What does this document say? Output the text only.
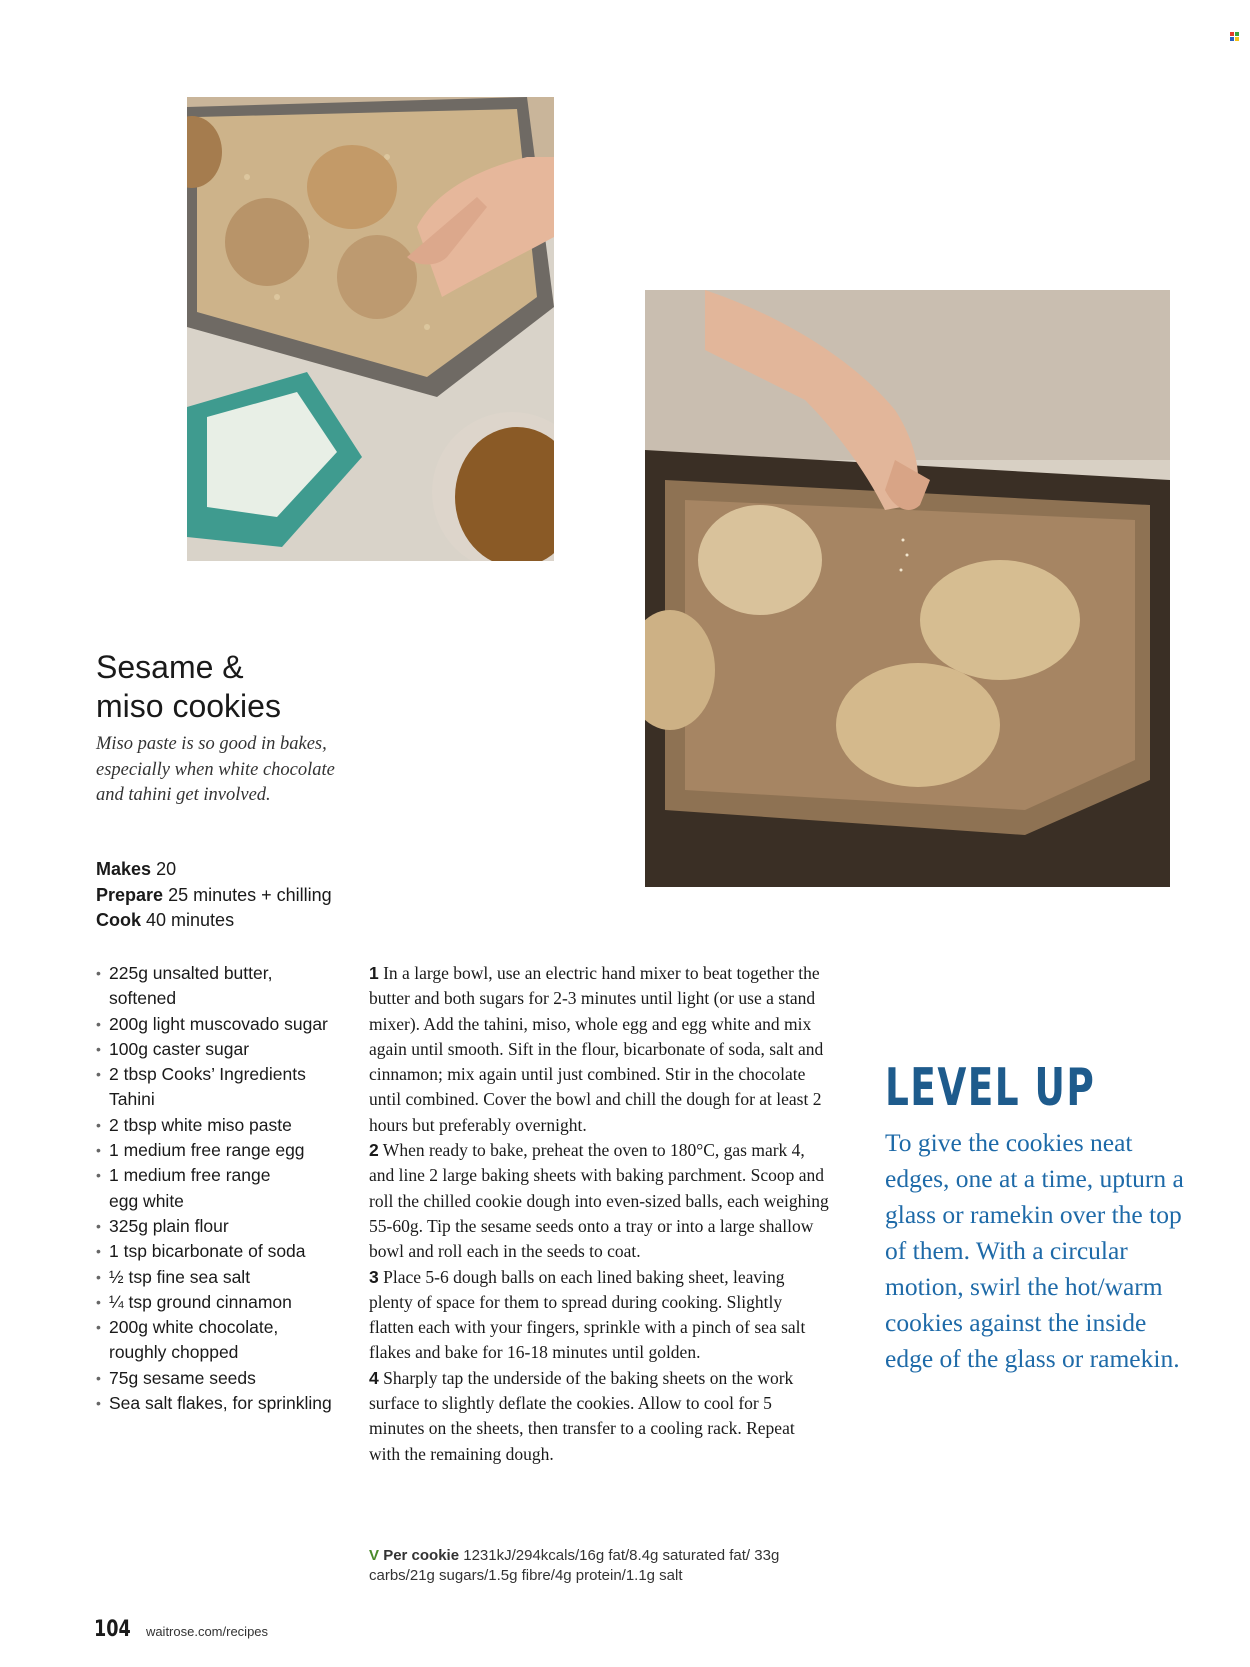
Sesame &
miso cookies

Miso paste is so good in bakes, especially when white chocolate and tahini get involved.

Makes 20
Prepare 25 minutes + chilling
Cook 40 minutes
• 225g unsalted butter,
softened
• 200g light muscovado sugar
• 100g caster sugar
• 2 tbsp Cooks’ Ingredients
Tahini
• 2 tbsp white miso paste
• 1 medium free range egg
• 1 medium free range
egg white
• 325g plain flour
• 1 tsp bicarbonate of soda
• ½ tsp fine sea salt
• ¼ tsp ground cinnamon
• 200g white chocolate,
roughly chopped
• 75g sesame seeds
• Sea salt flakes, for sprinkling

1 In a large bowl, use an electric hand mixer to beat together the butter and both sugars for 2-3 minutes until light (or use a stand mixer). Add the tahini, miso, whole egg and egg white and mix again until smooth. Sift in the flour, bicarbonate of soda, salt and cinnamon; mix again until just combined. Stir in the chocolate until combined. Cover the bowl and chill the dough for at least 2 hours but preferably overnight.

2 When ready to bake, preheat the oven to 180°C, gas mark 4, and line 2 large baking sheets with baking parchment. Scoop and roll the chilled cookie dough into even-sized balls, each weighing 55-60g. Tip the sesame seeds onto a tray or into a large shallow bowl and roll each in the seeds to coat.

3 Place 5-6 dough balls on each lined baking sheet, leaving plenty of space for them to spread during cooking. Slightly flatten each with your fingers, sprinkle with a pinch of sea salt flakes and bake for 16-18 minutes until golden.

4 Sharply tap the underside of the baking sheets on the work surface to slightly deflate the cookies. Allow to cool for 5 minutes on the sheets, then transfer to a cooling rack. Repeat with the remaining dough.

V Per cookie 1231kJ/294kcals/16g fat/8.4g saturated fat/ 33g carbs/21g sugars/1.5g fibre/4g protein/1.1g salt
LEVEL UP

To give the cookies neat edges, one at a time, upturn a glass or ramekin over the top of them. With a circular motion, swirl the hot/warm cookies against the inside edge of the glass or ramekin.

104 waitrose.com/recipes
